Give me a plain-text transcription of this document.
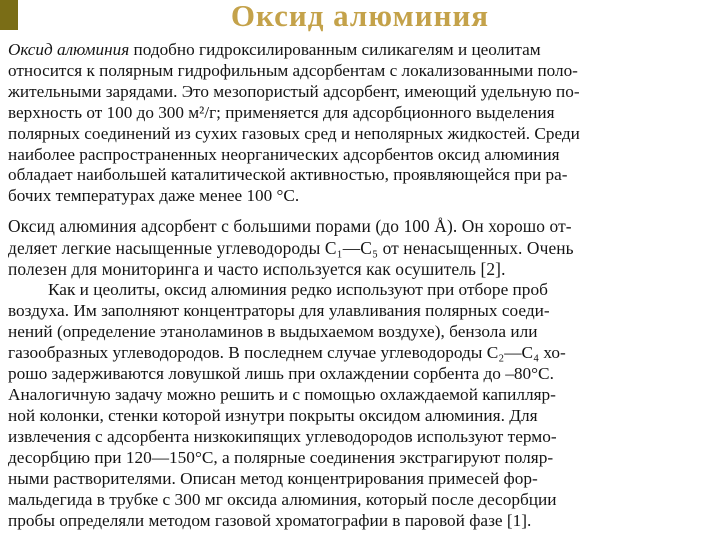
Оксид алюминия

Оксид алюминия подобно гидроксилированным силикагелям и цеолитам
относится к полярным гидрофильным адсорбентам с локализованными поло-
жительными зарядами. Это мезопористый адсорбент, имеющий удельную по-
верхность от 100 до 300 м²/г; применяется для адсорбционного выделения
полярных соединений из сухих газовых сред и неполярных жидкостей. Среди
наиболее распространенных неорганических адсорбентов оксид алюминия
обладает наибольшей каталитической активностью, проявляющейся при ра-
бочих температурах даже менее 100 °С.

Оксид алюминия адсорбент с большими порами (до 100 Å). Он хорошо от-
деляет легкие насыщенные углеводороды С₁—С₅ от ненасыщенных. Очень
полезен для мониторинга и часто используется как осушитель [2].

Как и цеолиты, оксид алюминия редко используют при отборе проб
воздуха. Им заполняют концентраторы для улавливания полярных соеди-
нений (определение этаноламинов в выдыхаемом воздухе), бензола или
газообразных углеводородов. В последнем случае углеводороды С₂—С₄ хо-
рошо задерживаются ловушкой лишь при охлаждении сорбента до –80°С.
Аналогичную задачу можно решить и с помощью охлаждаемой капилляр-
ной колонки, стенки которой изнутри покрыты оксидом алюминия. Для
извлечения с адсорбента низкокипящих углеводородов используют термо-
десорбцию при 120—150°С, а полярные соединения экстрагируют поляр-
ными растворителями. Описан метод концентрирования примесей фор-
мальдегида в трубке с 300 мг оксида алюминия, который после десорбции
пробы определяли методом газовой хроматографии в паровой фазе [1].
